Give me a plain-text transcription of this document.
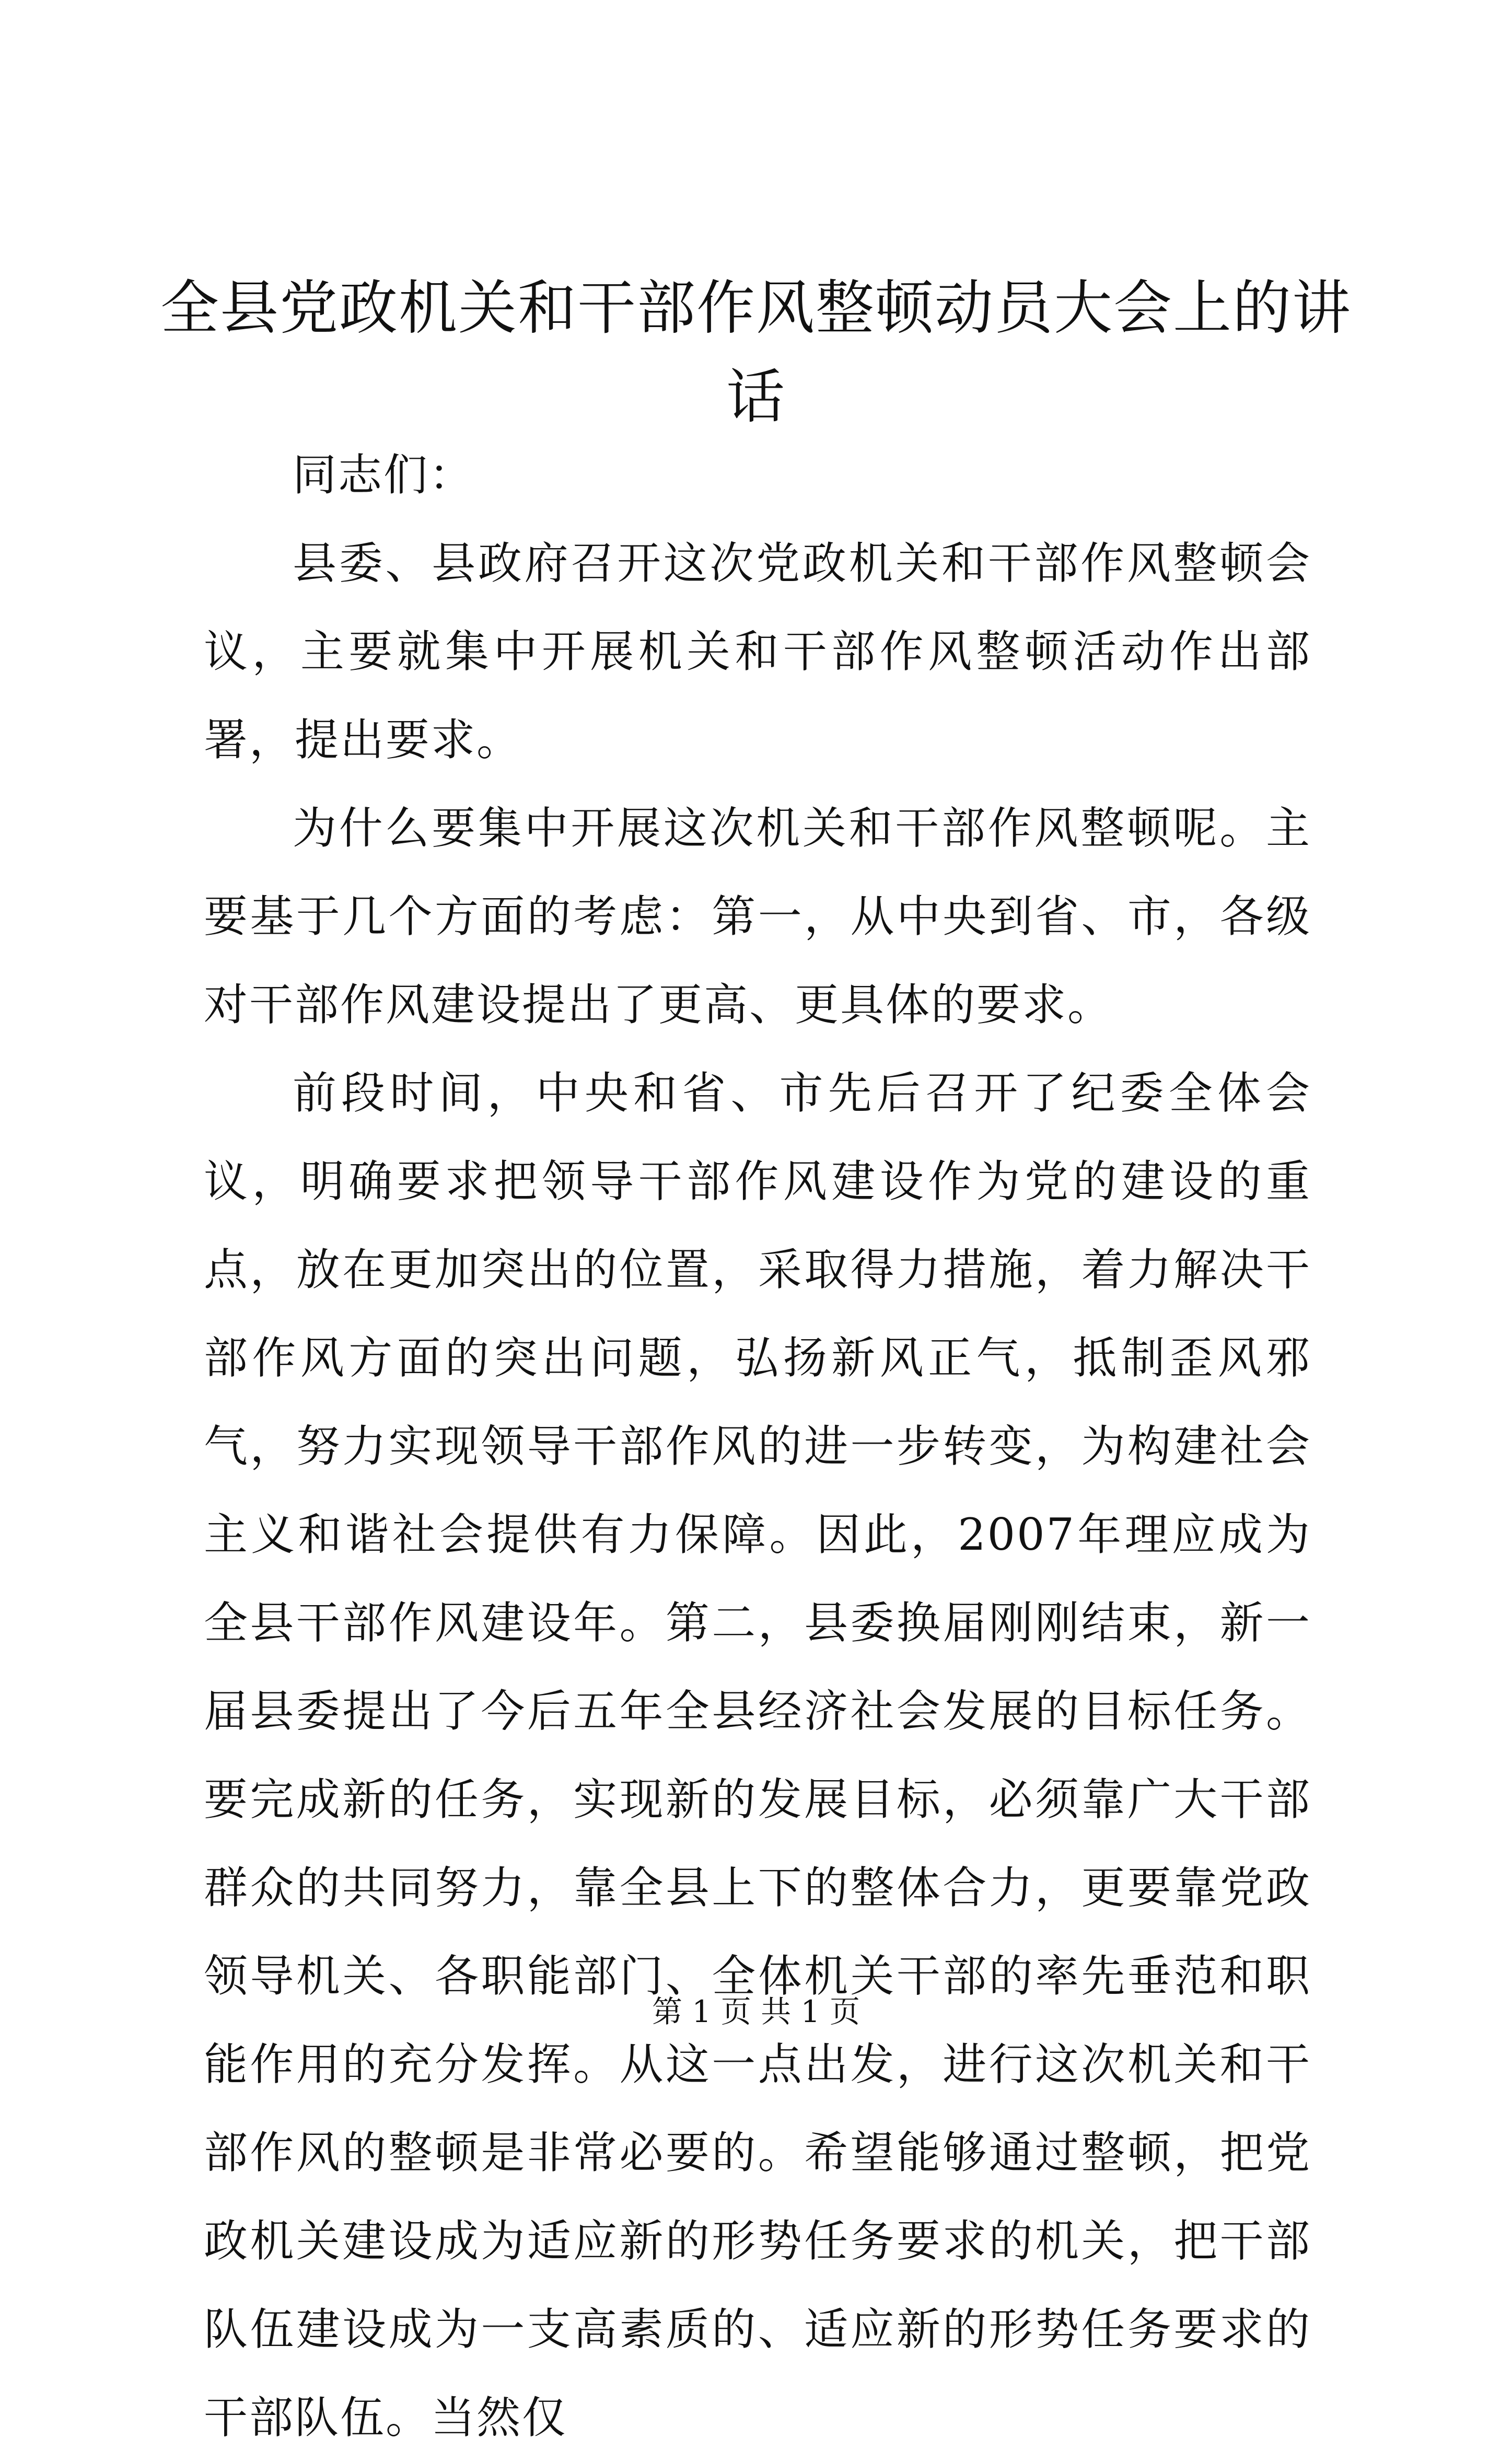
全县党政机关和干部作风整顿动员大会上的讲话

同志们：

县委、县政府召开这次党政机关和干部作风整顿会议，主要就集中开展机关和干部作风整顿活动作出部署，提出要求。

为什么要集中开展这次机关和干部作风整顿呢。主要基于几个方面的考虑：第一，从中央到省、市，各级对干部作风建设提出了更高、更具体的要求。

前段时间，中央和省、市先后召开了纪委全体会议，明确要求把领导干部作风建设作为党的建设的重点，放在更加突出的位置，采取得力措施，着力解决干部作风方面的突出问题，弘扬新风正气，抵制歪风邪气，努力实现领导干部作风的进一步转变，为构建社会主义和谐社会提供有力保障。因此，2007年理应成为全县干部作风建设年。第二，县委换届刚刚结束，新一届县委提出了今后五年全县经济社会发展的目标任务。要完成新的任务，实现新的发展目标，必须靠广大干部群众的共同努力，靠全县上下的整体合力，更要靠党政领导机关、各职能部门、全体机关干部的率先垂范和职能作用的充分发挥。从这一点出发，进行这次机关和干部作风的整顿是非常必要的。希望能够通过整顿，把党政机关建设成为适应新的形势任务要求的机关，把干部队伍建设成为一支高素质的、适应新的形势任务要求的干部队伍。当然仅

第 1 页 共 1 页
